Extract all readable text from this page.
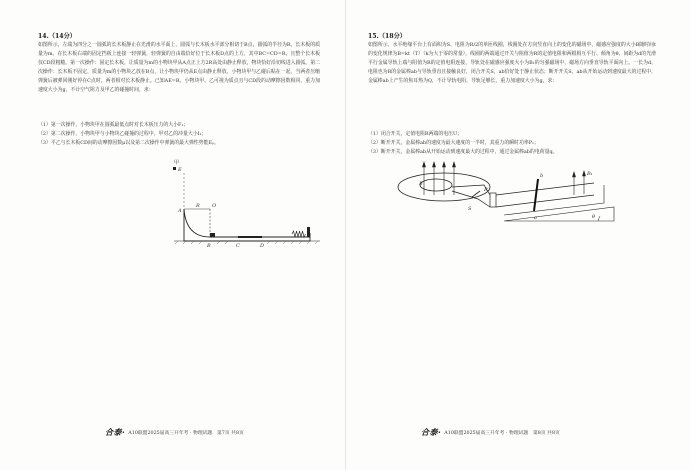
14.（14分）
如图所示，左端为四分之一圆弧的长木板静止在光滑的水平面上，圆弧与长木板水平部分相切于B点，圆弧的半径为R，长木板的质量为m。在长木板右端的固定挡板上连接一轻弹簧，轻弹簧的自由端恰好位于长木板D点的上方，其中BC=CD=R，且整个长木板仅CD段粗糙。第一次操作：固定长木板，让质量为m的小物块甲从A点正上方2R高处由静止释放，物块恰好沿切线进入圆弧。第二次操作：长木板不固定，质量为m的小物块乙放在B点，让小物块甲仍从E点由静止释放，小物块甲与乙碰后粘在一起，当两者压缩弹簧后被弹回刚好停在C点时，两者相对长木板静止。已知AE=R，小物块甲、乙可视为质点且与CD段的动摩擦因数相同，重力加速度大小为g，不计空气阻力及甲乙的碰撞时间，求：
（1）第一次操作，小物块甲在圆弧最低点时对长木板压力的大小F₁；
（2）第二次操作，小物块甲与小物块乙碰撞的过程中，甲对乙的冲量大小I₁；
（3）平乙与长木板CD间的动摩擦因数μ以及第二次操作中弹簧的最大弹性势能Eₚ。
甲
E
A
R O
B	C	D
合泰· A10联盟2025届高三开年考 · 物理试题　第7页 共8页
15.（18分）
如图所示，水平绝缘平台上有面积为S、电阻为R/2的单匝线圈，线圈处在方向竖直向上的变化的磁场中，磁感应强度的大小B随时间t的变化规律为B=kt（T）（k为大于零的常量）。线圈的两端通过开关与阻值为R的定值电阻和两根相互平行、倾角为θ、间距为d的光滑平行金属导轨上端与阻值为R的定值电阻连接，导轨处在磁感应强度大小为B₁的匀强磁场中，磁场方向垂直导轨平面向上。一长为d、电阻也为R的金属棒ab与导轨垂直且接触良好，闭合开关S，ab恰好处于静止状态；断开开关S，ab从开始运动到速度最大的过程中，金属棒ab上产生的焦耳热为Q，不计导轨电阻，导轨足够长，重力加速度大小为g，求：
（1）闭合开关，定值电阻R两端的电压U；
（2）断开开关，金属棒ab的速度为最大速度的一半时，其重力的瞬时功率P₁；
（3）断开开关，金属棒ab从开始运动到速度最大的过程中，通过金属棒ab的电荷量q。
B
S
R
B₁
a
b
θ
合泰· A10联盟2025届高三开年考 · 物理试题　第8页 共8页
